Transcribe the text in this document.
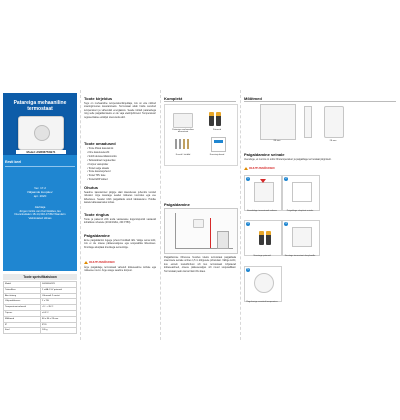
Patareiga mehaaniline termostaat
Model: ASR067TAB71
Eesti keel
Ver. 17.2
Väljaande kuupäev:
apr. 2020
Jäuhtaja
Jürgen Grüts van Karl Häldes, Eu
Duvantsdalen 18-14,310-47452 Wandetn
Valmistatud Hiinas
Toote spetsifikatsioon
Mudel	SG908-H923
Toiteallikas	2 x AA 1.5V patareid
Aku tööaeg	Vähemalt 2 aastat
Väljundvõimsus	2 x 1W
Temperatuurivahemik	+5°...+35°C
Täpsus	±0.5°C
Mõõtmed	86 x 86 x 28 mm
IP	IP20
Kaal	105 g
Toote kirjeldus
Tegu on mehaaniline temperatuurikirjeldaja, mis on ette nähtud sisetingimustes kasutamiseks. Termostaat aitab hoida soovitud temperatuuri ja vähendab energiakulu. Seade töötab patareidega ning selle paigaldamiseks ei ole vaja elektrijuhtmeid. Temperatuuri reguleeritakse esiküljel oleva ketta abil.
Toote omadused
• Toote lihtsat kasutamist
• Kiire kasutuselevõtt
• Sobib aknaventilatsiooniks
• Tarkvaraliselt reguleeritav
• Korpus vastupidav
• Tootel selge skaala
• Toote kasutusjuhend
• Tootel TPU kate
• Tootel ERP sätted
Ohutus
Seadme kasutamisel järgige alati käesolevas juhendis toodud nõudeid. Ärge kasutage seadet niisketes ruumides ega vee läheduses. Seadet tohib paigaldada ainult täiskasvanu. Hoidke lastele kättesaamatus kohas.
Toote ringlus
Toote ja pakendi võib anda vastavasse kogumispunkti vastavalt kohalikele nõuetele (2012/19/EL, 2017/780).
Paigaldamine
Enne paigaldamist lugege juhend hoolikalt läbi. Valige seina koht, mis ei ole otsese päikesevalguse ega soojusallika läheduses. Kinnitage alusplaat kruvidega seina külge.
OHUTUSNÕUDED
Ärge paigaldage termostaati vahetult kütteseadme kohale ega niiskesse ruumi. Ärge avage seadme korpust.
Komplekt
Patareiga mehaaniline termostaat
Patareid
Kruvid / tüüblid	Kasutusjuhend
Paigaldamine
Paigaldamise tõhususe huvides tuleks termostaat paigaldada sisemisele seinale umbes 1,5 m kõrgusele põrandast. Vältige kohti, kus esineb tuuletõmbust või kus termostaati mõjutavad kütteseadmed, otsene päikesevalgus või muud soojusallikad. Termostaat peab olema hästi õhu käes.
Mõõtmed
86 mm
Paigaldamine seinale
Veenduge, et ruumis on sobiv õhutemperatuur ja paigaldage termostaat järgmiselt.
OHUTUSNÕUDED
1
Eemaldage termostaadi esikaas
2
Paigaldage alusplaat seinale
3
Sisestage patareid
4
Kinnitage termostaat alusplaadile
5
Reguleerige soovitud temperatuur
28 mm
